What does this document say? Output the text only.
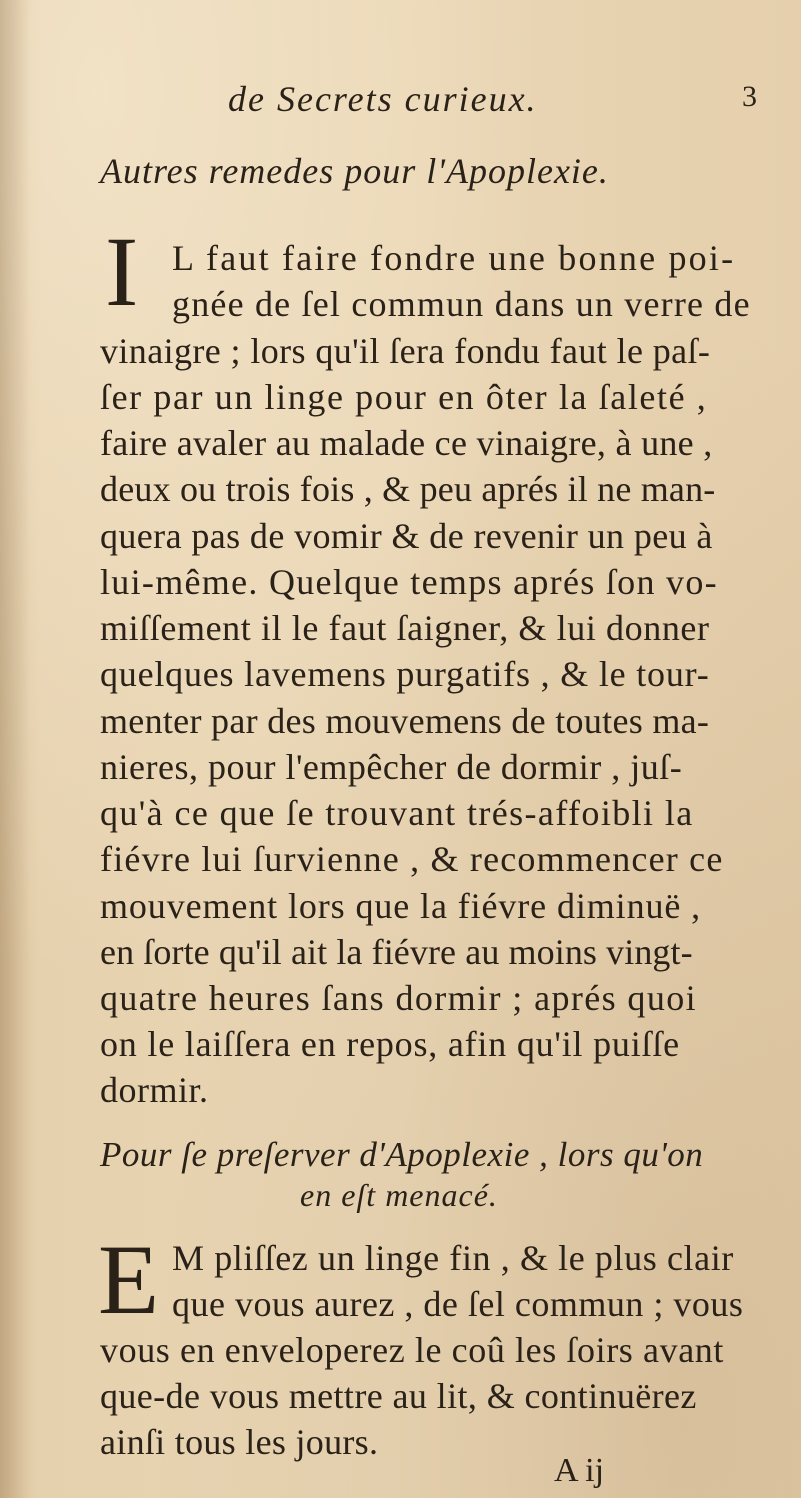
de Secrets curieux.	3
Autres remedes pour l'Apoplexie.
I L faut faire fondre une bonne poi-
gnée de ſel commun dans un verre de
vinaigre ; lors qu'il ſera fondu faut le paſ-
ſer par un linge pour en ôter la ſaleté ,
faire avaler au malade ce vinaigre, à une ,
deux ou trois fois , & peu aprés il ne man-
quera pas de vomir & de revenir un peu à
lui-même. Quelque temps aprés ſon vo-
miſſement il le faut ſaigner, & lui donner
quelques lavemens purgatifs , & le tour-
menter par des mouvemens de toutes ma-
nieres, pour l'empêcher de dormir , juſ-
qu'à ce que ſe trouvant trés-affoibli la
fiévre lui ſurvienne , & recommencer ce
mouvement lors que la fiévre diminuë ,
en ſorte qu'il ait la fiévre au moins vingt-
quatre heures ſans dormir ; aprés quoi
on le laiſſera en repos, afin qu'il puiſſe
dormir.
Pour ſe preſerver d'Apoplexie , lors qu'on
en eſt menacé.
E M pliſſez un linge fin , & le plus clair
que vous aurez , de ſel commun ; vous
vous en enveloperez le coû les ſoirs avant
que-de vous mettre au lit, & continuërez
ainſi tous les jours.
A ij
